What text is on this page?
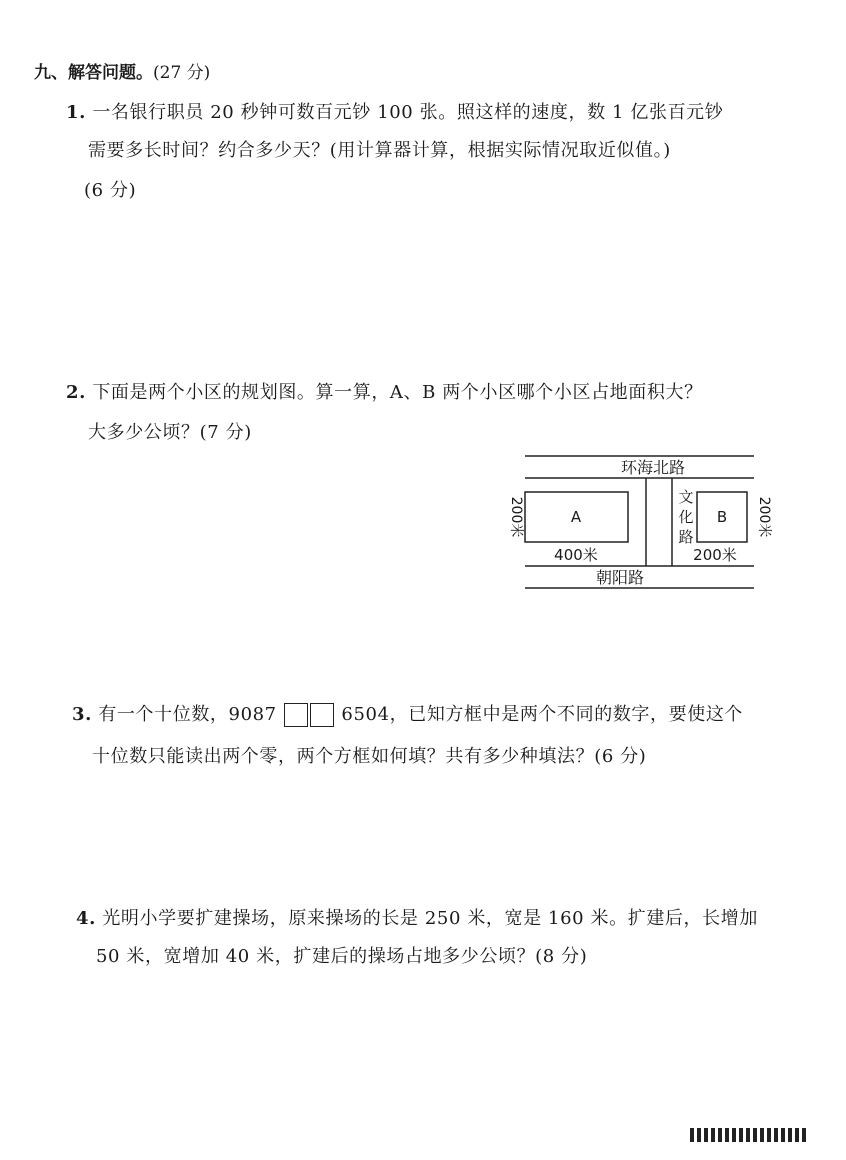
九、解答问题。(27 分)
1. 一名银行职员 20 秒钟可数百元钞 100 张。照这样的速度，数 1 亿张百元钞
需要多长时间？约合多少天？(用计算器计算，根据实际情况取近似值。)
(6 分)
2. 下面是两个小区的规划图。算一算，A、B 两个小区哪个小区占地面积大？
大多少公顷？(7 分)
环海北路
朝阳路
文
化
路
A	B
400米	200米
200米	200米
3. 有一个十位数，9087	6504，已知方框中是两个不同的数字，要使这个
十位数只能读出两个零，两个方框如何填？共有多少种填法？(6 分)
4. 光明小学要扩建操场，原来操场的长是 250 米，宽是 160 米。扩建后，长增加
50 米，宽增加 40 米，扩建后的操场占地多少公顷？(8 分)
